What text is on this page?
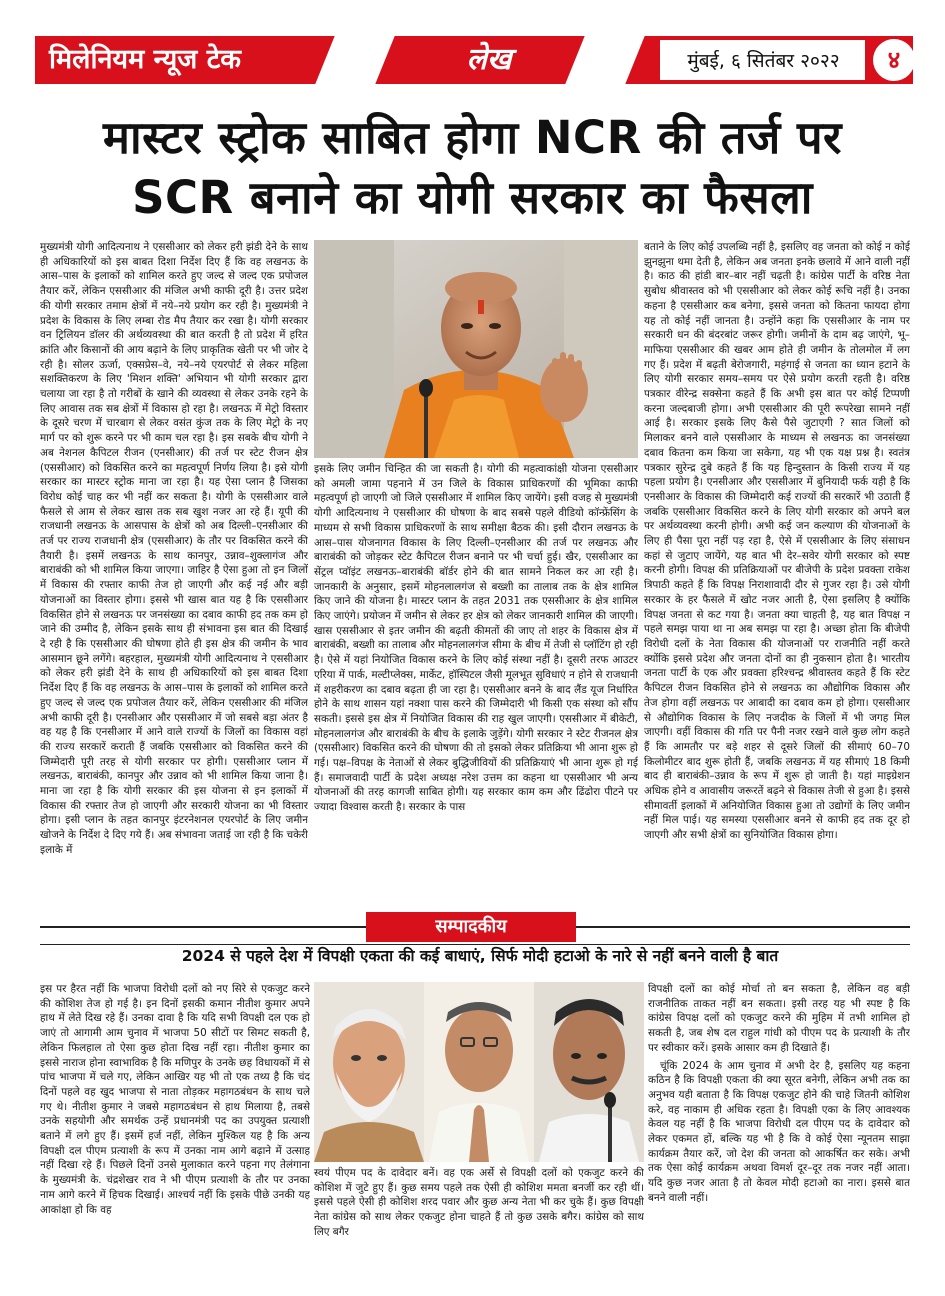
मिलेनियम न्यूज टेक	लेख	मुंबई, ६ सितंबर २०२२	४
मास्टर स्ट्रोक साबित होगा NCR की तर्ज पर
SCR बनाने का योगी सरकार का फैसला

मुख्यमंत्री योगी आदित्यनाथ ने एससीआर को लेकर हरी झंडी देने के साथ ही अधिकारियों को इस बाबत दिशा निर्देश दिए हैं कि वह लखनऊ के आस–पास के इलाकों को शामिल करते हुए जल्द से जल्द एक प्रपोजल तैयार करें, लेकिन एससीआर की मंजिल अभी काफी दूरी है। उत्तर प्रदेश की योगी सरकार तमाम क्षेत्रों में नये–नये प्रयोग कर रही है। मुख्यमंत्री ने प्रदेश के विकास के लिए लम्बा रोड मैप तैयार कर रखा है। योगी सरकार वन ट्रिलियन डॉलर की अर्थव्यवस्था की बात करती है तो प्रदेश में हरित क्रांति और किसानों की आय बढ़ाने के लिए प्राकृतिक खेती पर भी जोर दे रही है। सोलर ऊर्जा, एक्सप्रेस–वे, नये–नये एयरपोर्ट से लेकर महिला सशक्तिकरण के लिए 'मिशन शक्ति' अभियान भी योगी सरकार द्वारा चलाया जा रहा है तो गरीबों के खाने की व्यवस्था से लेकर उनके रहने के लिए आवास तक सब क्षेत्रों में विकास हो रहा है। लखनऊ में मेट्रो विस्तार के दूसरे चरण में चारबाग से लेकर वसंत कुंज तक के लिए मेट्रो के नए मार्ग पर को शुरू करने पर भी काम चल रहा है। इस सबके बीच योगी ने अब नेशनल कैपिटल रीजन (एनसीआर) की तर्ज पर स्टेट रीजन क्षेत्र (एससीआर) को विकसित करने का महत्वपूर्ण निर्णय लिया है। इसे योगी सरकार का मास्टर स्ट्रोक माना जा रहा है। यह ऐसा प्लान है जिसका विरोध कोई चाह कर भी नहीं कर सकता है। योगी के एससीआर वाले फैसले से आम से लेकर खास तक सब खुश नजर आ रहे हैं। यूपी की राजधानी लखनऊ के आसपास के क्षेत्रों को अब दिल्ली–एनसीआर की तर्ज पर राज्य राजधानी क्षेत्र (एससीआर) के तौर पर विकसित करने की तैयारी है। इसमें लखनऊ के साथ कानपुर, उन्नाव–शुक्लागंज और बाराबंकी को भी शामिल किया जाएगा। जाहिर है ऐसा हुआ तो इन जिलों में विकास की रफ्तार काफी तेज हो जाएगी और कई नई और बड़ी योजनाओं का विस्तार होगा। इससे भी खास बात यह है कि एससीआर विकसित होने से लखनऊ पर जनसंख्या का दबाव काफी हद तक कम हो जाने की उम्मीद है, लेकिन इसके साथ ही संभावना इस बात की दिखाई दे रही है कि एससीआर की घोषणा होते ही इस क्षेत्र की जमीन के भाव आसमान छूने लगेंगे। बहरहाल, मुख्यमंत्री योगी आदित्यनाथ ने एससीआर को लेकर हरी झंडी देने के साथ ही अधिकारियों को इस बाबत दिशा निर्देश दिए हैं कि वह लखनऊ के आस–पास के इलाकों को शामिल करते हुए जल्द से जल्द एक प्रपोजल तैयार करें, लेकिन एससीआर की मंजिल अभी काफी दूरी है। एनसीआर और एससीआर में जो सबसे बड़ा अंतर है वह यह है कि एनसीआर में आने वाले राज्यों के जिलों का विकास वहां की राज्य सरकारें कराती हैं जबकि एससीआर को विकसित करने की जिम्मेदारी पूरी तरह से योगी सरकार पर होगी। एससीआर प्लान में लखनऊ, बाराबंकी, कानपुर और उन्नाव को भी शामिल किया जाना है। माना जा रहा है कि योगी सरकार की इस योजना से इन इलाकों में विकास की रफ्तार तेज हो जाएगी और सरकारी योजना का भी विस्तार होगा। इसी प्लान के तहत कानपुर इंटरनेशनल एयरपोर्ट के लिए जमीन खोजने के निर्देश दे दिए गये हैं। अब संभावना जताई जा रही है कि चकेरी इलाके में

इसके लिए जमीन चिन्हित की जा सकती है। योगी की महत्वाकांक्षी योजना एससीआर को अमली जामा पहनाने में उन जिले के विकास प्राधिकरणों की भूमिका काफी महत्वपूर्ण हो जाएगी जो जिले एससीआर में शामिल किए जायेंगे। इसी वजह से मुख्यमंत्री योगी आदित्यनाथ ने एससीआर की घोषणा के बाद सबसे पहले वीडियो कॉन्फ्रेंसिंग के माध्यम से सभी विकास प्राधिकरणों के साथ समीक्षा बैठक की। इसी दौरान लखनऊ के आस–पास योजनागत विकास के लिए दिल्ली–एनसीआर की तर्ज पर लखनऊ और बाराबंकी को जोड़कर स्टेट कैपिटल रीजन बनाने पर भी चर्चा हुई। खैर, एससीआर का सेंट्रल प्वॉइंट लखनऊ–बाराबंकी बॉर्डर होने की बात सामने निकल कर आ रही है। जानकारी के अनुसार, इसमें मोहनलालगंज से बख्शी का तालाब तक के क्षेत्र शामिल किए जाने की योजना है। मास्टर प्लान के तहत 2031 तक एससीआर के क्षेत्र शामिल किए जाएंगे। प्रयोजन में जमीन से लेकर हर क्षेत्र को लेकर जानकारी शामिल की जाएगी। खास एससीआर से इतर जमीन की बढ़ती कीमतों की जाए तो शहर के विकास क्षेत्र में बाराबंकी, बख्शी का तालाब और मोहनलालगंज सीमा के बीच में तेजी से प्लॉटिंग हो रही है। ऐसे में यहां नियोजित विकास करने के लिए कोई संस्था नहीं है। दूसरी तरफ आउटर एरिया में पार्क, मल्टीप्लेक्स, मार्केट, हॉस्पिटल जैसी मूलभूत सुविधाएं न होने से राजधानी में शहरीकरण का दबाव बढ़ता ही जा रहा है। एससीआर बनने के बाद लैंड यूज निर्धारित होने के साथ शासन यहां नक्शा पास करने की जिम्मेदारी भी किसी एक संस्था को सौंप सकती। इससे इस क्षेत्र में नियोजित विकास की राह खुल जाएगी। एससीआर में बीकेटी, मोहनलालगंज और बाराबंकी के बीच के इलाके जुड़ेंगे। योगी सरकार ने स्टेट रीजनल क्षेत्र (एससीआर) विकसित करने की घोषणा की तो इसको लेकर प्रतिक्रिया भी आना शुरू हो गई। पक्ष–विपक्ष के नेताओं से लेकर बुद्धिजीवियों की प्रतिक्रियाएं भी आना शुरू हो गई हैं। समाजवादी पार्टी के प्रदेश अध्यक्ष नरेश उत्तम का कहना था एससीआर भी अन्य योजनाओं की तरह कागजी साबित होगी। यह सरकार काम कम और ढिंढोरा पीटने पर ज्यादा विश्वास करती है। सरकार के पास

बताने के लिए कोई उपलब्धि नहीं है, इसलिए वह जनता को कोई न कोई झुनझुना थमा देती है, लेकिन अब जनता इनके छलावे में आने वाली नहीं है। काठ की हांडी बार–बार नहीं चढ़ती है। कांग्रेस पार्टी के वरिष्ठ नेता सुबोध श्रीवास्तव को भी एससीआर को लेकर कोई रूचि नहीं है। उनका कहना है एससीआर कब बनेगा, इससे जनता को कितना फायदा होगा यह तो कोई नहीं जानता है। उन्होंने कहा कि एससीआर के नाम पर सरकारी धन की बंदरबांट जरूर होगी। जमीनों के दाम बढ़ जाएंगे, भू–माफिया एससीआर की खबर आम होते ही जमीन के तोलमोल में लग गए हैं। प्रदेश में बढ़ती बेरोजगारी, महंगाई से जनता का ध्यान हटाने के लिए योगी सरकार समय–समय पर ऐसे प्रयोग करती रहती है। वरिष्ठ पत्रकार वीरेन्द्र सक्सेना कहते हैं कि अभी इस बात पर कोई टिप्पणी करना जल्दबाजी होगा। अभी एससीआर की पूरी रूपरेखा सामने नहीं आई है। सरकार इसके लिए कैसे पैसे जुटाएगी ? सात जिलों को मिलाकर बनने वाले एससीआर के माध्यम से लखनऊ का जनसंख्या दबाव कितना कम किया जा सकेगा, यह भी एक यक्ष प्रश्न है। स्वतंत्र पत्रकार सुरेन्द्र दुबे कहते हैं कि यह हिन्दुस्तान के किसी राज्य में यह पहला प्रयोग है। एनसीआर और एससीआर में बुनियादी फर्क यही है कि एनसीआर के विकास की जिम्मेदारी कई राज्यों की सरकारें भी उठाती हैं जबकि एससीआर विकसित करने के लिए योगी सरकार को अपने बल पर अर्थव्यवस्था करनी होगी। अभी कई जन कल्याण की योजनाओं के लिए ही पैसा पूरा नहीं पड़ रहा है, ऐसे में एससीआर के लिए संसाधन कहां से जुटाए जायेंगे, यह बात भी देर–सवेर योगी सरकार को स्पष्ट करनी होगी। विपक्ष की प्रतिक्रियाओं पर बीजेपी के प्रदेश प्रवक्ता राकेश त्रिपाठी कहते हैं कि विपक्ष निराशावादी दौर से गुजर रहा है। उसे योगी सरकार के हर फैसले में खोट नजर आती है, ऐसा इसलिए है क्योंकि विपक्ष जनता से कट गया है। जनता क्या चाहती है, यह बात विपक्ष न पहले समझ पाया था ना अब समझ पा रहा है। अच्छा होता कि बीजेपी विरोधी दलों के नेता विकास की योजनाओं पर राजनीति नहीं करते क्योंकि इससे प्रदेश और जनता दोनों का ही नुकसान होता है। भारतीय जनता पार्टी के एक और प्रवक्ता हरिश्चन्द्र श्रीवास्तव कहते हैं कि स्टेट कैपिटल रीजन विकसित होने से लखनऊ का औद्योगिक विकास और तेज होगा वहीं लखनऊ पर आबादी का दबाव कम हो होगा। एससीआर से औद्योगिक विकास के लिए नजदीक के जिलों में भी जगह मिल जाएगी। वहीं विकास की गति पर पैनी नजर रखने वाले कुछ लोग कहते हैं कि आमतौर पर बड़े शहर से दूसरे जिलों की सीमाएं 60–70 किलोमीटर बाद शुरू होती हैं, जबकि लखनऊ में यह सीमाएं 18 किमी बाद ही बाराबंकी–उन्नाव के रूप में शुरू हो जाती है। यहां माइग्रेशन अधिक होने व आवासीय जरूरतें बढ़ने से विकास तेजी से हुआ है। इससे सीमावर्ती इलाकों में अनियोजित विकास हुआ तो उद्योगों के लिए जमीन नहीं मिल पाई। यह समस्या एससीआर बनने से काफी हद तक दूर हो जाएगी और सभी क्षेत्रों का सुनियोजित विकास होगा।

सम्पादकीय
2024 से पहले देश में विपक्षी एकता की कई बाधाएं, सिर्फ मोदी हटाओ के नारे से नहीं बनने वाली है बात

इस पर हैरत नहीं कि भाजपा विरोधी दलों को नए सिरे से एकजुट करने की कोशिश तेज हो गई है। इन दिनों इसकी कमान नीतीश कुमार अपने हाथ में लेते दिख रहे हैं। उनका दावा है कि यदि सभी विपक्षी दल एक हो जाएं तो आगामी आम चुनाव में भाजपा 50 सीटों पर सिमट सकती है, लेकिन फिलहाल तो ऐसा कुछ होता दिख नहीं रहा। नीतीश कुमार का इससे नाराज होना स्वाभाविक है कि मणिपुर के उनके छह विधायकों में से पांच भाजपा में चले गए, लेकिन आखिर यह भी तो एक तथ्य है कि चंद दिनों पहले वह खुद भाजपा से नाता तोड़कर महागठबंधन के साथ चले गए थे। नीतीश कुमार ने जबसे महागठबंधन से हाथ मिलाया है, तबसे उनके सहयोगी और समर्थक उन्हें प्रधानमंत्री पद का उपयुक्त प्रत्याशी बताने में लगे हुए हैं। इसमें हर्ज नहीं, लेकिन मुश्किल यह है कि अन्य विपक्षी दल पीएम प्रत्याशी के रूप में उनका नाम आगे बढ़ाने में उत्साह नहीं दिखा रहे हैं। पिछले दिनों उनसे मुलाकात करने पहना गए तेलंगाना के मुख्यमंत्री के. चंद्रशेखर राव ने भी पीएम प्रत्याशी के तौर पर उनका नाम आगे करने में हिचक दिखाई। आश्चर्य नहीं कि इसके पीछे उनकी यह आकांक्षा हो कि वह

स्वयं पीएम पद के दावेदार बनें। वह एक अर्से से विपक्षी दलों को एकजुट करने की कोशिश में जुटे हुए हैं। कुछ समय पहले तक ऐसी ही कोशिश ममता बनर्जी कर रही थीं। इससे पहले ऐसी ही कोशिश शरद पवार और कुछ अन्य नेता भी कर चुके हैं। कुछ विपक्षी नेता कांग्रेस को साथ लेकर एकजुट होना चाहते हैं तो कुछ उसके बगैर। कांग्रेस को साथ लिए बगैर

विपक्षी दलों का कोई मोर्चा तो बन सकता है, लेकिन वह बड़ी राजनीतिक ताकत नहीं बन सकता। इसी तरह यह भी स्पष्ट है कि कांग्रेस विपक्ष दलों को एकजुट करने की मुहिम में तभी शामिल हो सकती है, जब शेष दल राहुल गांधी को पीएम पद के प्रत्याशी के तौर पर स्वीकार करें। इसके आसार कम ही दिखाते हैं।

चूंकि 2024 के आम चुनाव में अभी देर है, इसलिए यह कहना कठिन है कि विपक्षी एकता की क्या सूरत बनेगी, लेकिन अभी तक का अनुभव यही बताता है कि विपक्ष एकजुट होने की चाहे जितनी कोशिश करे, वह नाकाम ही अधिक रहता है। विपक्षी एका के लिए आवश्यक केवल यह नहीं है कि भाजपा विरोधी दल पीएम पद के दावेदार को लेकर एकमत हों, बल्कि यह भी है कि वे कोई ऐसा न्यूनतम साझा कार्यक्रम तैयार करें, जो देश की जनता को आकर्षित कर सके। अभी तक ऐसा कोई कार्यक्रम अथवा विमर्श दूर–दूर तक नजर नहीं आता। यदि कुछ नजर आता है तो केवल मोदी हटाओ का नारा। इससे बात बनने वाली नहीं।
